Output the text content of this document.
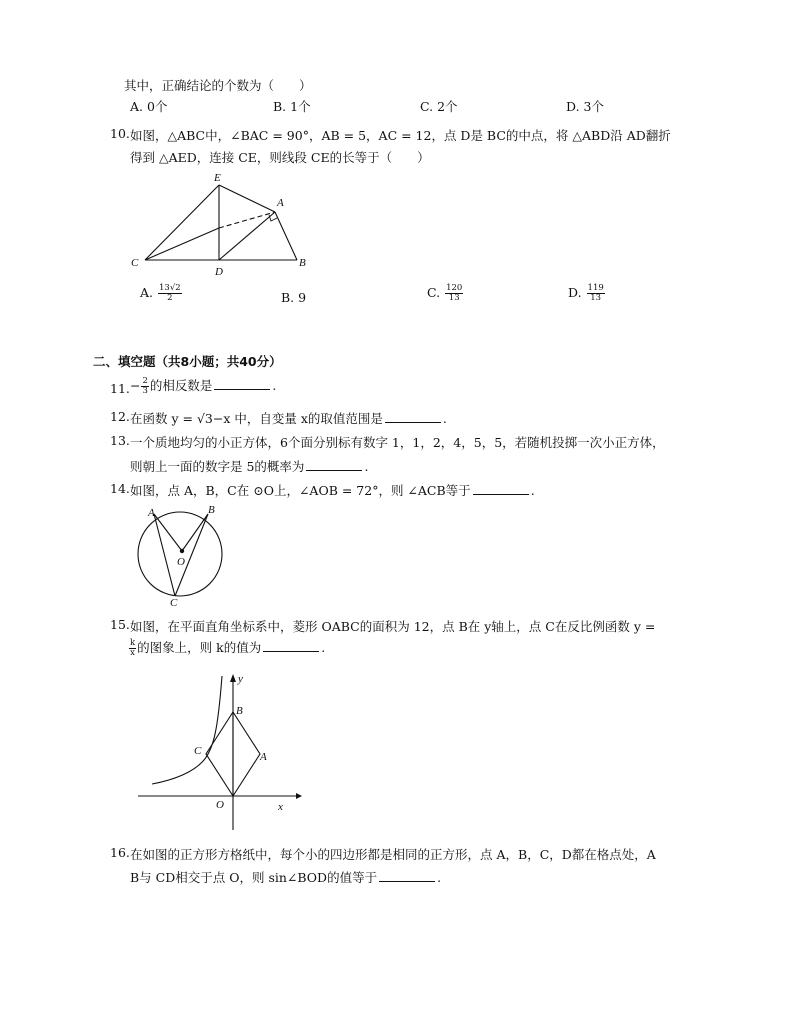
其中，正确结论的个数为（　　）
A. 0个	B. 1个	C. 2个	D. 3个
10. 如图，△ABC中，∠BAC = 90°，AB = 5，AC = 12，点 D是 BC的中点，将 △ABD沿 AD翻折
得到 △AED，连接 CE，则线段 CE的长等于（　　）
E
A
C
D
B
A. $\frac{13√2}{2}$	B. 9	C. $\frac{120}{13}$	D. $\frac{119}{13}$
二、填空题（共8小题；共40分）
11. − $\frac{2}{3}$ 的相反数是	.
12. 在函数 y = √3−x 中，自变量 x的取值范围是	.
13. 一个质地均匀的小正方体，6个面分别标有数字 1，1，2，4，5，5，若随机投掷一次小正方体，
则朝上一面的数字是 5的概率为	.
14. 如图，点 A，B，C在 ⊙O上，∠AOB = 72°，则 ∠ACB等于	.
A	B
O
C
15. 如图，在平面直角坐标系中，菱形 OABC的面积为 12，点 B在 y轴上，点 C在反比例函数 y =
$\frac{k}{x}$ 的图象上，则 k的值为	.
y
B
C	A
O	x
16. 在如图的正方形方格纸中，每个小的四边形都是相同的正方形，点 A，B，C，D都在格点处，A
B与 CD相交于点 O，则 sin∠BOD的值等于	.
